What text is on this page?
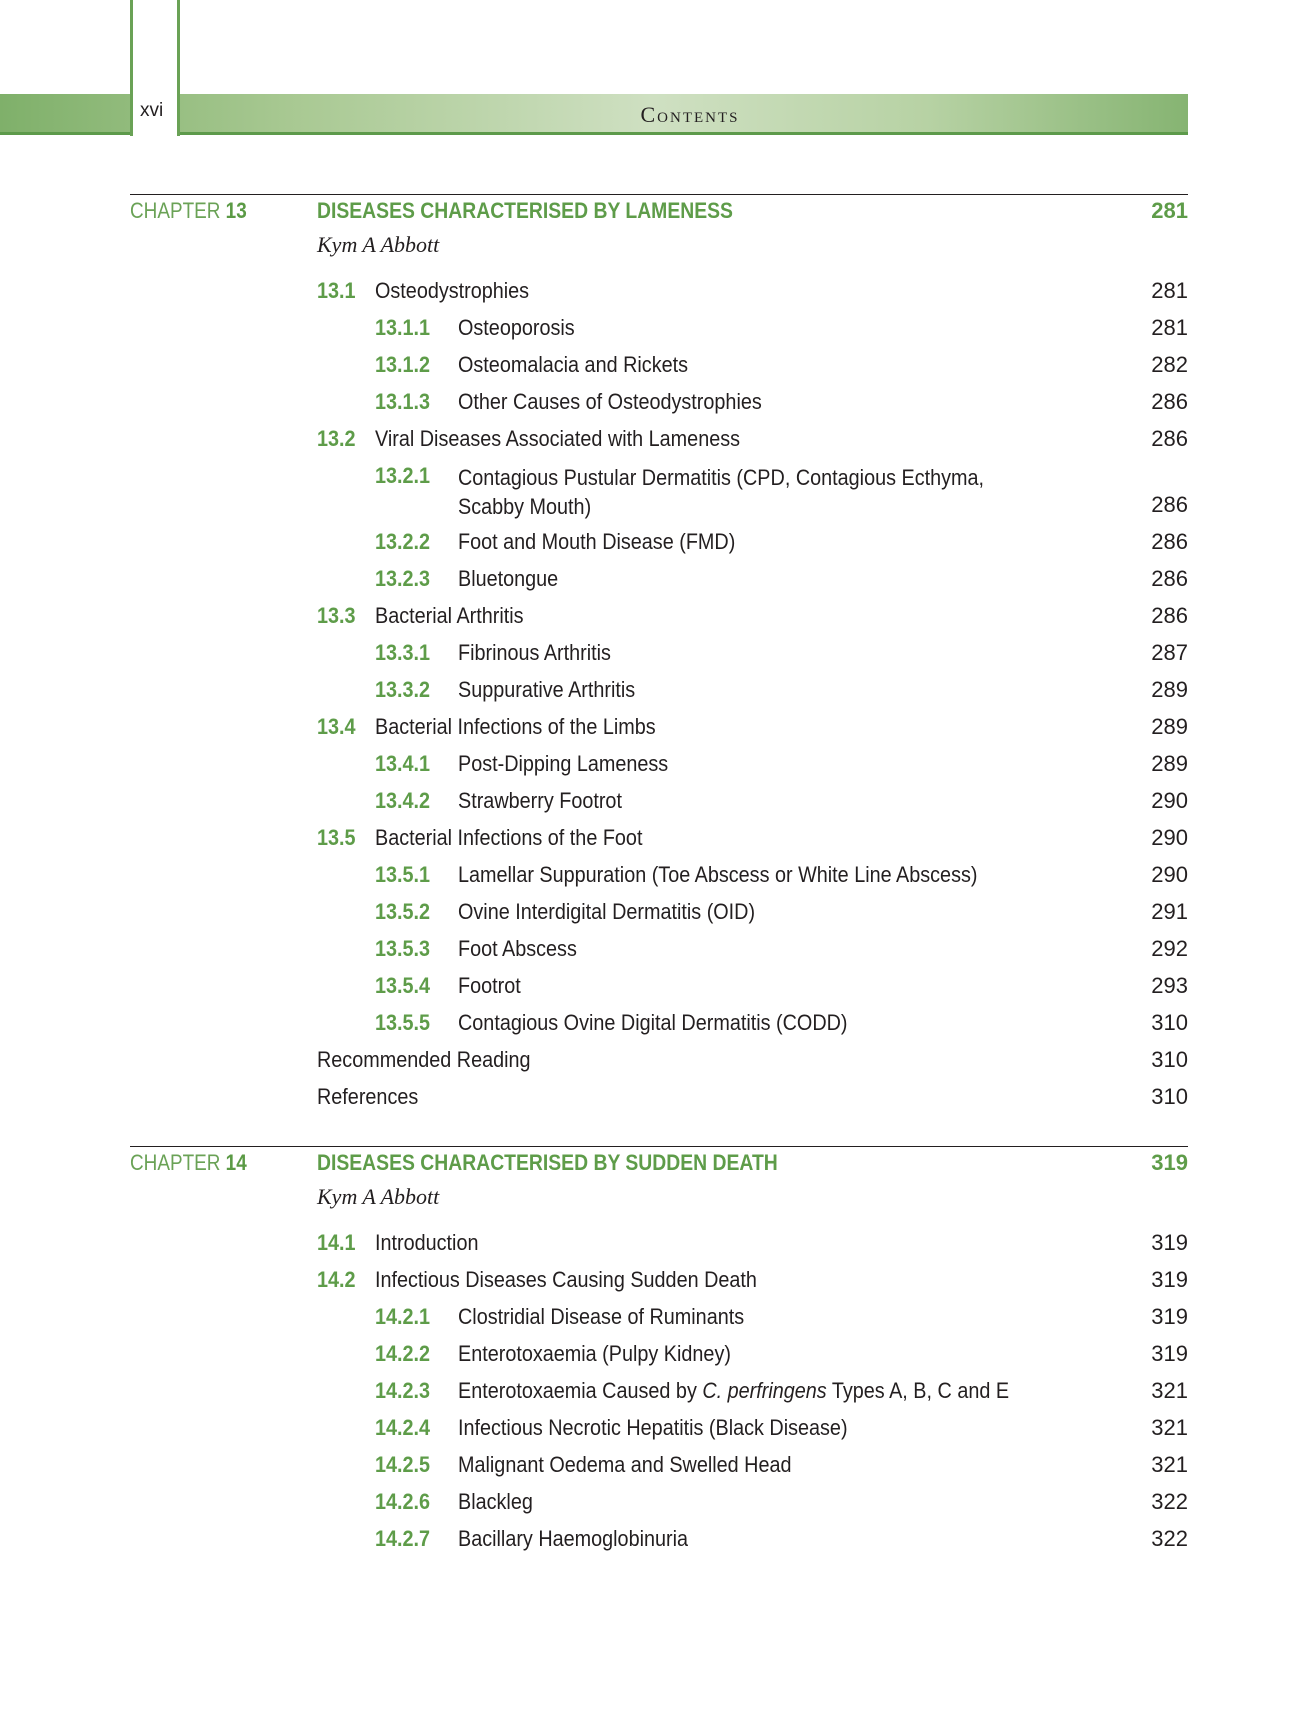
xvi	Contents
CHAPTER 13	DISEASES CHARACTERISED BY LAMENESS	281
Kym A Abbott
13.1 Osteodystrophies	281
13.1.1 Osteoporosis	281
13.1.2 Osteomalacia and Rickets	282
13.1.3 Other Causes of Osteodystrophies	286
13.2 Viral Diseases Associated with Lameness	286
13.2.1 Contagious Pustular Dermatitis (CPD, Contagious Ecthyma, Scabby Mouth)	286
13.2.2 Foot and Mouth Disease (FMD)	286
13.2.3 Bluetongue	286
13.3 Bacterial Arthritis	286
13.3.1 Fibrinous Arthritis	287
13.3.2 Suppurative Arthritis	289
13.4 Bacterial Infections of the Limbs	289
13.4.1 Post-Dipping Lameness	289
13.4.2 Strawberry Footrot	290
13.5 Bacterial Infections of the Foot	290
13.5.1 Lamellar Suppuration (Toe Abscess or White Line Abscess)	290
13.5.2 Ovine Interdigital Dermatitis (OID)	291
13.5.3 Foot Abscess	292
13.5.4 Footrot	293
13.5.5 Contagious Ovine Digital Dermatitis (CODD)	310
Recommended Reading	310
References	310
CHAPTER 14	DISEASES CHARACTERISED BY SUDDEN DEATH	319
Kym A Abbott
14.1 Introduction	319
14.2 Infectious Diseases Causing Sudden Death	319
14.2.1 Clostridial Disease of Ruminants	319
14.2.2 Enterotoxaemia (Pulpy Kidney)	319
14.2.3 Enterotoxaemia Caused by C. perfringens Types A, B, C and E	321
14.2.4 Infectious Necrotic Hepatitis (Black Disease)	321
14.2.5 Malignant Oedema and Swelled Head	321
14.2.6 Blackleg	322
14.2.7 Bacillary Haemoglobinuria	322
